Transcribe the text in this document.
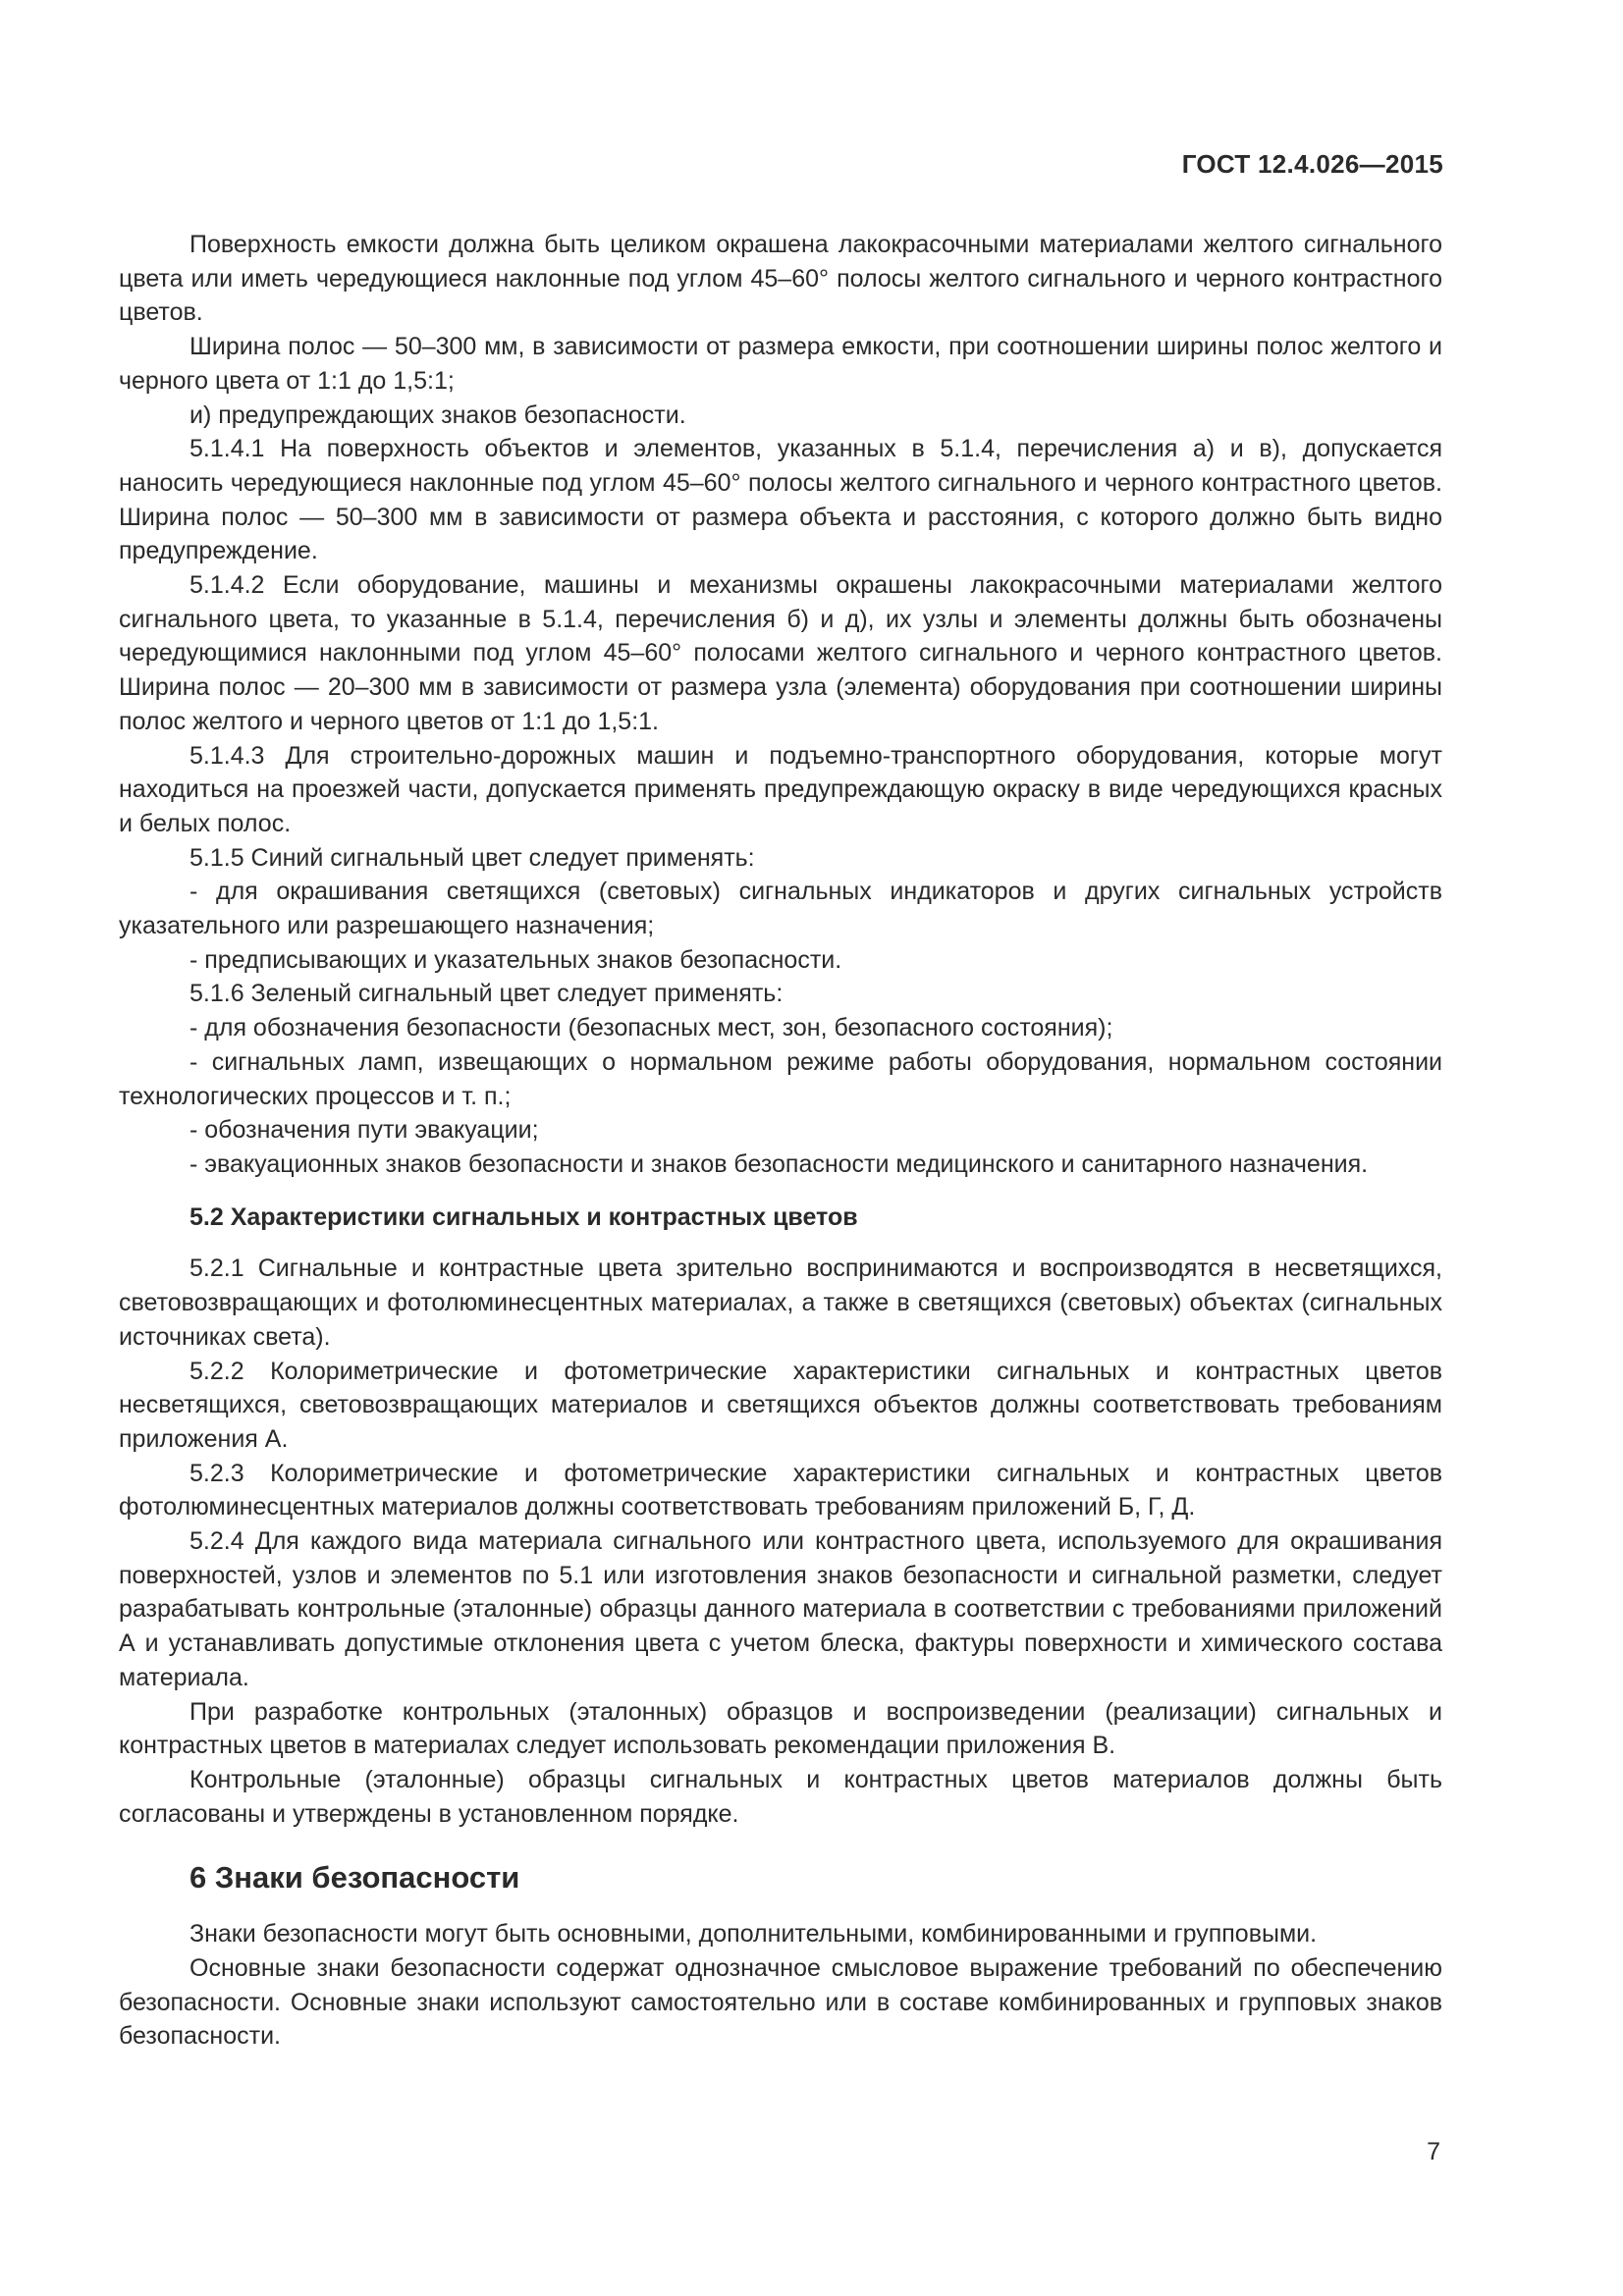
ГОСТ 12.4.026—2015

Поверхность емкости должна быть целиком окрашена лакокрасочными материалами желтого сигнального цвета или иметь чередующиеся наклонные под углом 45–60° полосы желтого сигнального и черного контрастного цветов.

Ширина полос — 50–300 мм, в зависимости от размера емкости, при соотношении ширины полос желтого и черного цвета от 1:1 до 1,5:1;

и) предупреждающих знаков безопасности.

5.1.4.1 На поверхность объектов и элементов, указанных в 5.1.4, перечисления а) и в), допускается наносить чередующиеся наклонные под углом 45–60° полосы желтого сигнального и черного контрастного цветов. Ширина полос — 50–300 мм в зависимости от размера объекта и расстояния, с которого должно быть видно предупреждение.

5.1.4.2 Если оборудование, машины и механизмы окрашены лакокрасочными материалами желтого сигнального цвета, то указанные в 5.1.4, перечисления б) и д), их узлы и элементы должны быть обозначены чередующимися наклонными под углом 45–60° полосами желтого сигнального и черного контрастного цветов. Ширина полос — 20–300 мм в зависимости от размера узла (элемента) оборудования при соотношении ширины полос желтого и черного цветов от 1:1 до 1,5:1.

5.1.4.3 Для строительно-дорожных машин и подъемно-транспортного оборудования, которые могут находиться на проезжей части, допускается применять предупреждающую окраску в виде чередующихся красных и белых полос.

5.1.5 Синий сигнальный цвет следует применять:

- для окрашивания светящихся (световых) сигнальных индикаторов и других сигнальных устройств указательного или разрешающего назначения;

- предписывающих и указательных знаков безопасности.

5.1.6 Зеленый сигнальный цвет следует применять:

- для обозначения безопасности (безопасных мест, зон, безопасного состояния);

- сигнальных ламп, извещающих о нормальном режиме работы оборудования, нормальном состоянии технологических процессов и т. п.;

- обозначения пути эвакуации;

- эвакуационных знаков безопасности и знаков безопасности медицинского и санитарного назначения.

5.2 Характеристики сигнальных и контрастных цветов

5.2.1 Сигнальные и контрастные цвета зрительно воспринимаются и воспроизводятся в несветящихся, световозвращающих и фотолюминесцентных материалах, а также в светящихся (световых) объектах (сигнальных источниках света).

5.2.2 Колориметрические и фотометрические характеристики сигнальных и контрастных цветов несветящихся, световозвращающих материалов и светящихся объектов должны соответствовать требованиям приложения А.

5.2.3 Колориметрические и фотометрические характеристики сигнальных и контрастных цветов фотолюминесцентных материалов должны соответствовать требованиям приложений Б, Г, Д.

5.2.4 Для каждого вида материала сигнального или контрастного цвета, используемого для окрашивания поверхностей, узлов и элементов по 5.1 или изготовления знаков безопасности и сигнальной разметки, следует разрабатывать контрольные (эталонные) образцы данного материала в соответствии с требованиями приложений А и устанавливать допустимые отклонения цвета с учетом блеска, фактуры поверхности и химического состава материала.

При разработке контрольных (эталонных) образцов и воспроизведении (реализации) сигнальных и контрастных цветов в материалах следует использовать рекомендации приложения В.

Контрольные (эталонные) образцы сигнальных и контрастных цветов материалов должны быть согласованы и утверждены в установленном порядке.

6 Знаки безопасности

Знаки безопасности могут быть основными, дополнительными, комбинированными и групповыми.

Основные знаки безопасности содержат однозначное смысловое выражение требований по обеспечению безопасности. Основные знаки используют самостоятельно или в составе комбинированных и групповых знаков безопасности.

7
